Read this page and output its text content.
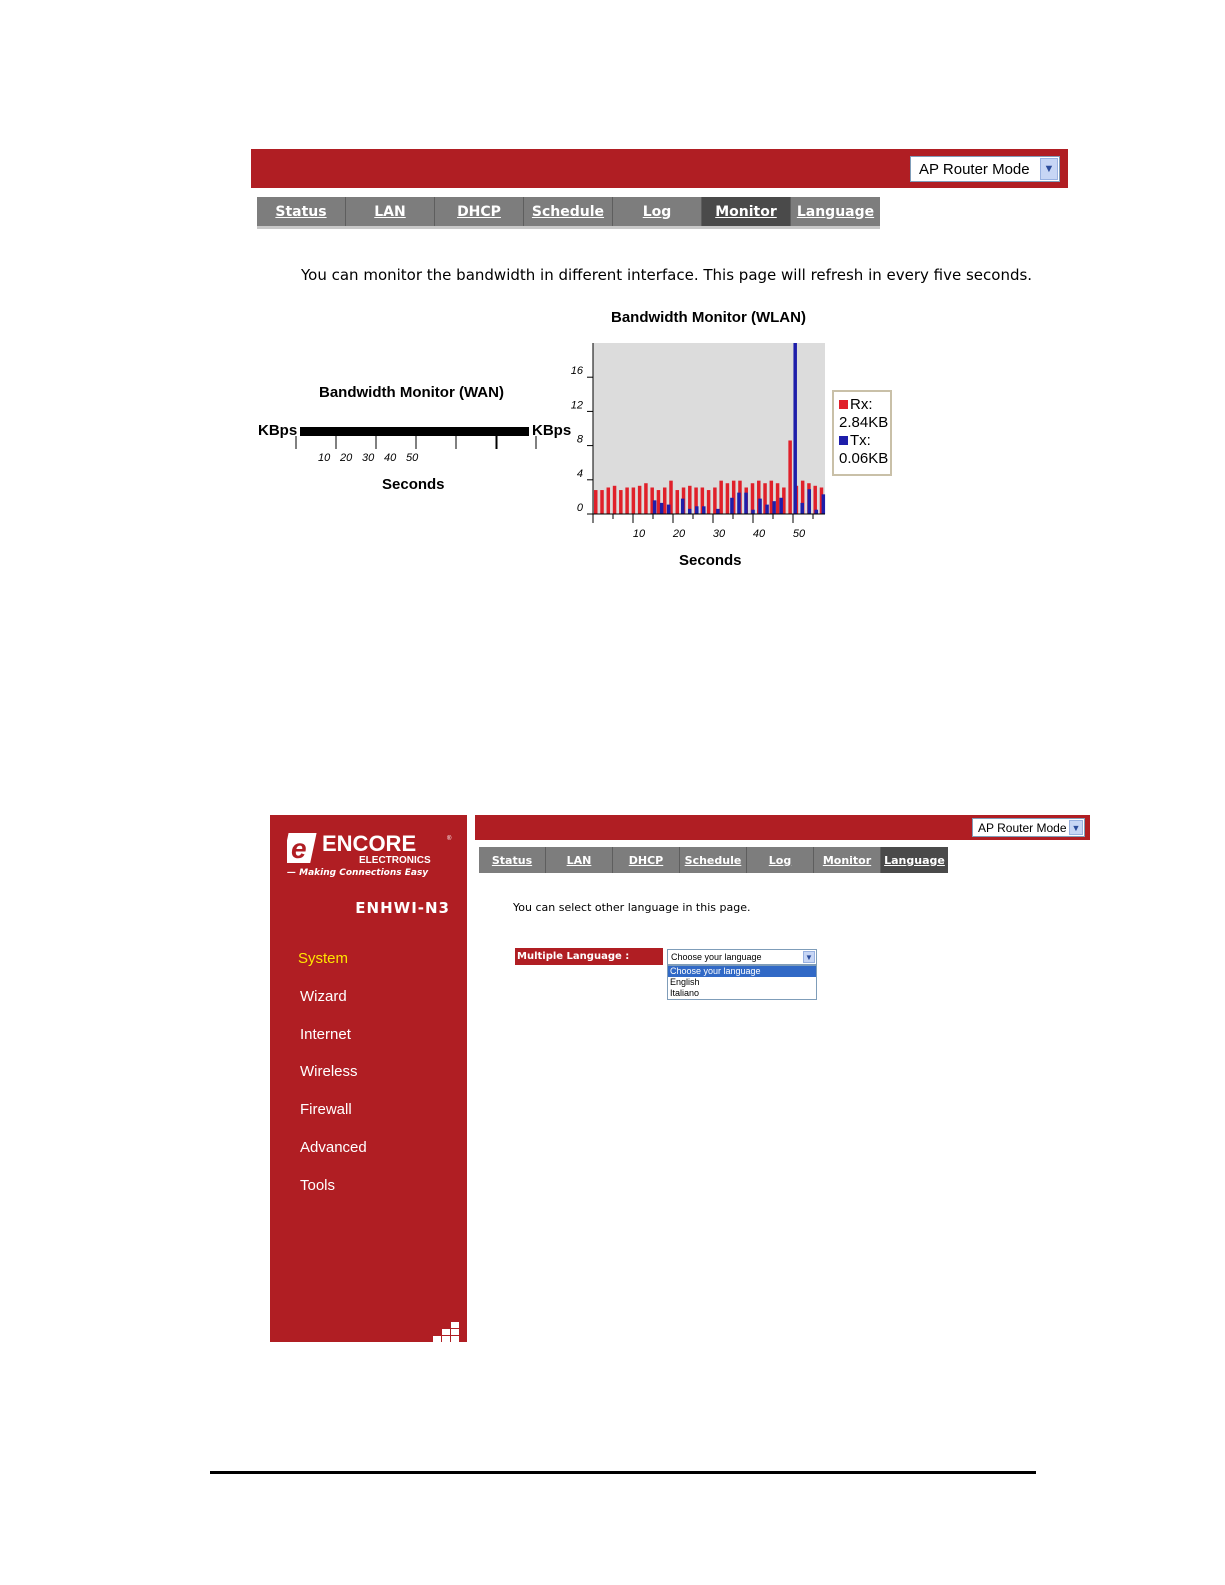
AP Router Mode	▼
Status	LAN	DHCP	Schedule	Log	Monitor	Language
You can monitor the bandwidth in different interface. This page will refresh in every five seconds.
Bandwidth Monitor (WAN)
KBps	KBps
10 20 30 40 50
Seconds
Bandwidth Monitor (WLAN)
0
4
8
12
16
10	20	30	40	50
Seconds
Rx:
2.84KB
Tx:
0.06KB
e ENCORE	®
ELECTRONICS
— Making Connections Easy
ENHWI-N3
System
Wizard
Internet
Wireless
Firewall
Advanced
Tools
AP Router Mode ▼
Status	LAN	DHCP	Schedule	Log	Monitor	Language
You can select other language in this page.
Multiple Language :	Choose your language	▼
Choose your language
English
Italiano
